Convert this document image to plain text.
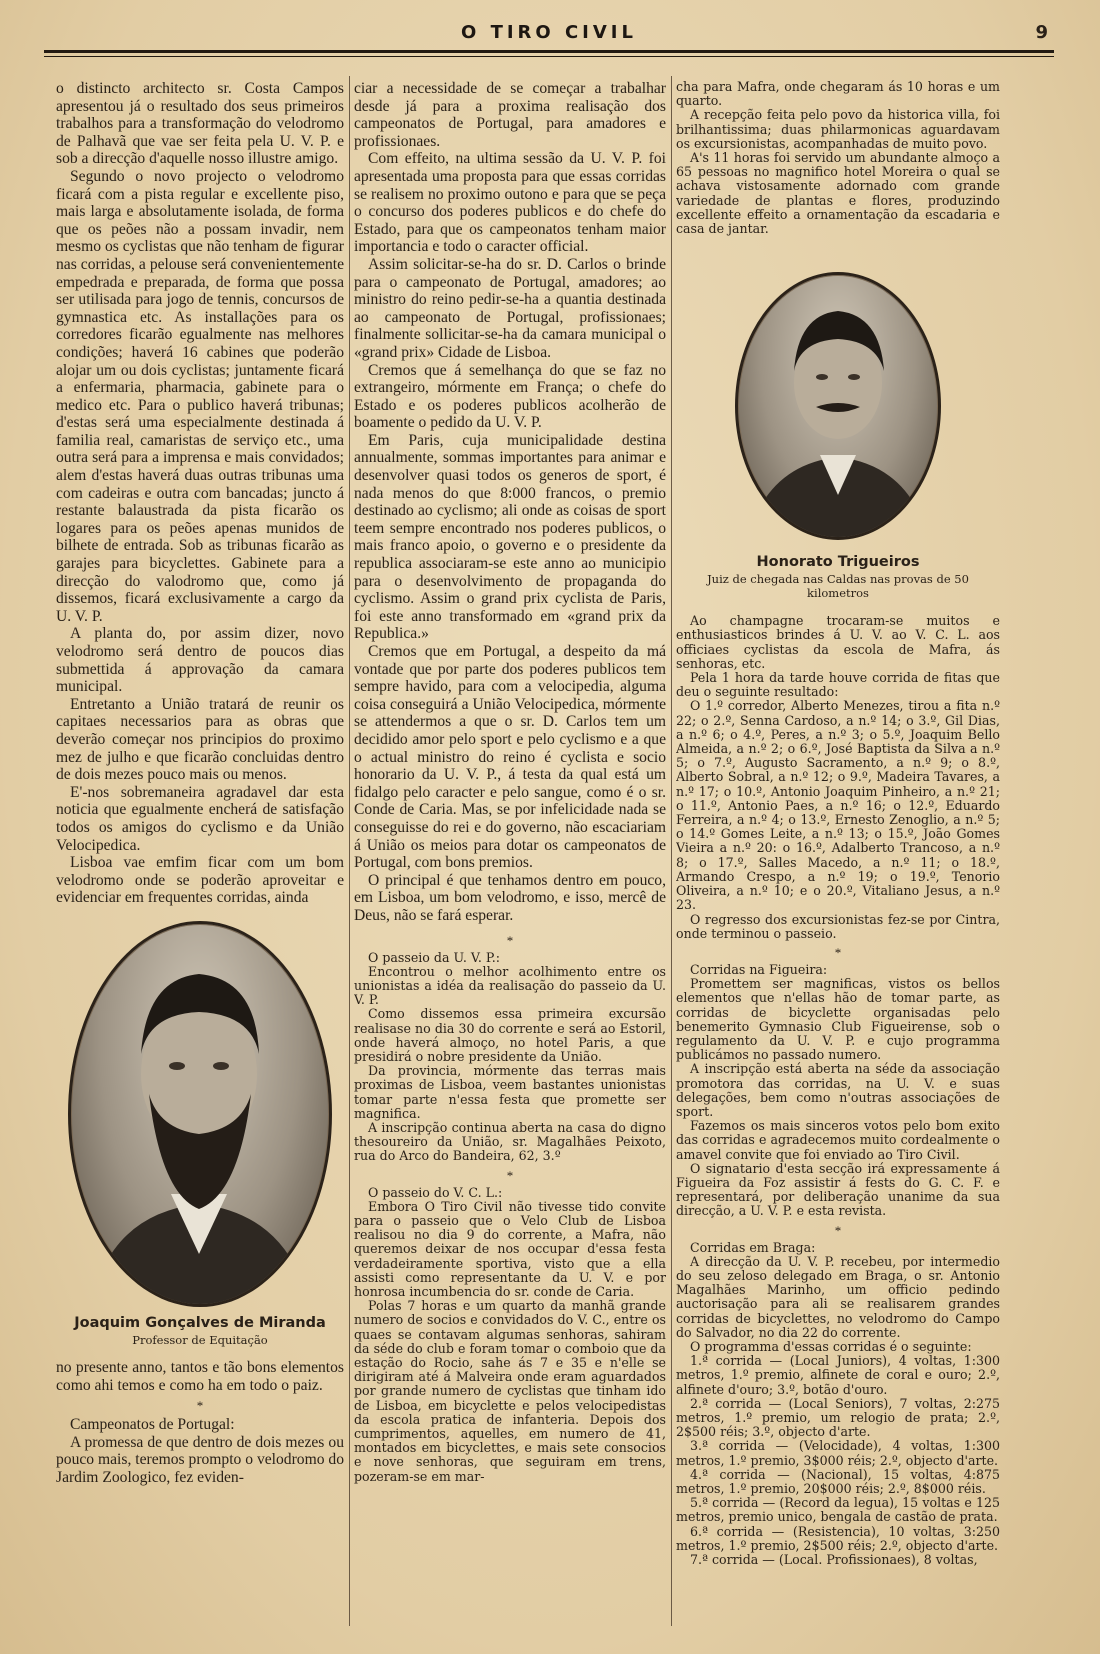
O TIRO CIVIL	9

o distincto architecto sr. Costa Campos apresentou já o resultado dos seus primeiros trabalhos para a transformação do velodromo de Palhavã que vae ser feita pela U. V. P. e sob a direcção d'aquelle nosso illustre amigo.

Segundo o novo projecto o velodromo ficará com a pista regular e excellente piso, mais larga e absolutamente isolada, de forma que os peões não a possam invadir, nem mesmo os cyclistas que não tenham de figurar nas corridas, a pelouse será convenientemente empedrada e preparada, de forma que possa ser utilisada para jogo de tennis, concursos de gymnastica etc. As installações para os corredores ficarão egualmente nas melhores condições; haverá 16 cabines que poderão alojar um ou dois cyclistas; juntamente ficará a enfermaria, pharmacia, gabinete para o medico etc. Para o publico haverá tribunas; d'estas será uma especialmente destinada á familia real, camaristas de serviço etc., uma outra será para a imprensa e mais convidados; alem d'estas haverá duas outras tribunas uma com cadeiras e outra com bancadas; juncto á restante balaustrada da pista ficarão os logares para os peões apenas munidos de bilhete de entrada. Sob as tribunas ficarão as garajes para bicyclettes. Gabinete para a direcção do valodromo que, como já dissemos, ficará exclusivamente a cargo da U. V. P.

A planta do, por assim dizer, novo velodromo será dentro de poucos dias submettida á approvação da camara municipal.

Entretanto a União tratará de reunir os capitaes necessarios para as obras que deverão começar nos principios do proximo mez de julho e que ficarão concluidas dentro de dois mezes pouco mais ou menos.

E'-nos sobremaneira agradavel dar esta noticia que egualmente encherá de satisfação todos os amigos do cyclismo e da União Velocipedica.

Lisboa vae emfim ficar com um bom velodromo onde se poderão aproveitar e evidenciar em frequentes corridas, ainda

Joaquim Gonçalves de Miranda
Professor de Equitação

no presente anno, tantos e tão bons elementos como ahi temos e como ha em todo o paiz.

*

Campeonatos de Portugal:

A promessa de que dentro de dois mezes ou pouco mais, teremos prompto o velodromo do Jardim Zoologico, fez eviden-

ciar a necessidade de se começar a trabalhar desde já para a proxima realisação dos campeonatos de Portugal, para amadores e profissionaes.

Com effeito, na ultima sessão da U. V. P. foi apresentada uma proposta para que essas corridas se realisem no proximo outono e para que se peça o concurso dos poderes publicos e do chefe do Estado, para que os campeonatos tenham maior importancia e todo o caracter official.

Assim solicitar-se-ha do sr. D. Carlos o brinde para o campeonato de Portugal, amadores; ao ministro do reino pedir-se-ha a quantia destinada ao campeonato de Portugal, profissionaes; finalmente sollicitar-se-ha da camara municipal o «grand prix» Cidade de Lisboa.

Cremos que á semelhança do que se faz no extrangeiro, mórmente em França; o chefe do Estado e os poderes publicos acolherão de boamente o pedido da U. V. P.

Em Paris, cuja municipalidade destina annualmente, sommas importantes para animar e desenvolver quasi todos os generos de sport, é nada menos do que 8:000 francos, o premio destinado ao cyclismo; ali onde as coisas de sport teem sempre encontrado nos poderes publicos, o mais franco apoio, o governo e o presidente da republica associaram-se este anno ao municipio para o desenvolvimento de propaganda do cyclismo. Assim o grand prix cyclista de Paris, foi este anno transformado em «grand prix da Republica.»

Cremos que em Portugal, a despeito da má vontade que por parte dos poderes publicos tem sempre havido, para com a velocipedia, alguma coisa conseguirá a União Velocipedica, mórmente se attendermos a que o sr. D. Carlos tem um decidido amor pelo sport e pelo cyclismo e a que o actual ministro do reino é cyclista e socio honorario da U. V. P., á testa da qual está um fidalgo pelo caracter e pelo sangue, como é o sr. Conde de Caria. Mas, se por infelicidade nada se conseguisse do rei e do governo, não escaciariam á União os meios para dotar os campeonatos de Portugal, com bons premios.

O principal é que tenhamos dentro em pouco, em Lisboa, um bom velodromo, e isso, mercê de Deus, não se fará esperar.

*

O passeio da U. V. P.:

Encontrou o melhor acolhimento entre os unionistas a idéa da realisação do passeio da U. V. P.

Como dissemos essa primeira excursão realisase no dia 30 do corrente e será ao Estoril, onde haverá almoço, no hotel Paris, a que presidirá o nobre presidente da União.

Da provincia, mórmente das terras mais proximas de Lisboa, veem bastantes unionistas tomar parte n'essa festa que promette ser magnifica.

A inscripção continua aberta na casa do digno thesoureiro da União, sr. Magalhães Peixoto, rua do Arco do Bandeira, 62, 3.º

*

O passeio do V. C. L.:

Embora O Tiro Civil não tivesse tido convite para o passeio que o Velo Club de Lisboa realisou no dia 9 do corrente, a Mafra, não queremos deixar de nos occupar d'essa festa verdadeiramente sportiva, visto que a ella assisti como representante da U. V. e por honrosa incumbencia do sr. conde de Caria.

Polas 7 horas e um quarto da manhã grande numero de socios e convidados do V. C., entre os quaes se contavam algumas senhoras, sahiram da séde do club e foram tomar o comboio que da estação do Rocio, sahe ás 7 e 35 e n'elle se dirigiram até á Malveira onde eram aguardados por grande numero de cyclistas que tinham ido de Lisboa, em bicyclette e pelos velocipedistas da escola pratica de infanteria. Depois dos cumprimentos, aquelles, em numero de 41, montados em bicyclettes, e mais sete consocios e nove senhoras, que seguiram em trens, pozeram-se em mar-

cha para Mafra, onde chegaram ás 10 horas e um quarto.

A recepção feita pelo povo da historica villa, foi brilhantissima; duas philarmonicas aguardavam os excursionistas, acompanhadas de muito povo.

A's 11 horas foi servido um abundante almoço a 65 pessoas no magnifico hotel Moreira o qual se achava vistosamente adornado com grande variedade de plantas e flores, produzindo excellente effeito a ornamentação da escadaria e casa de jantar.

Honorato Trigueiros
Juiz de chegada nas Caldas nas provas de 50 kilometros

Ao champagne trocaram-se muitos e enthusiasticos brindes á U. V. ao V. C. L. aos officiaes cyclistas da escola de Mafra, ás senhoras, etc.

Pela 1 hora da tarde houve corrida de fitas que deu o seguinte resultado:

O 1.º corredor, Alberto Menezes, tirou a fita n.º 22; o 2.º, Senna Cardoso, a n.º 14; o 3.º, Gil Dias, a n.º 6; o 4.º, Peres, a n.º 3; o 5.º, Joaquim Bello Almeida, a n.º 2; o 6.º, José Baptista da Silva a n.º 5; o 7.º, Augusto Sacramento, a n.º 9; o 8.º, Alberto Sobral, a n.º 12; o 9.º, Madeira Tavares, a n.º 17; o 10.º, Antonio Joaquim Pinheiro, a n.º 21; o 11.º, Antonio Paes, a n.º 16; o 12.º, Eduardo Ferreira, a n.º 4; o 13.º, Ernesto Zenoglio, a n.º 5; o 14.º Gomes Leite, a n.º 13; o 15.º, João Gomes Vieira a n.º 20: o 16.º, Adalberto Trancoso, a n.º 8; o 17.º, Salles Macedo, a n.º 11; o 18.º, Armando Crespo, a n.º 19; o 19.º, Tenorio Oliveira, a n.º 10; e o 20.º, Vitaliano Jesus, a n.º 23.

O regresso dos excursionistas fez-se por Cintra, onde terminou o passeio.

*

Corridas na Figueira:

Promettem ser magnificas, vistos os bellos elementos que n'ellas hão de tomar parte, as corridas de bicyclette organisadas pelo benemerito Gymnasio Club Figueirense, sob o regulamento da U. V. P. e cujo programma publicámos no passado numero.

A inscripção está aberta na séde da associação promotora das corridas, na U. V. e suas delegações, bem como n'outras associações de sport.

Fazemos os mais sinceros votos pelo bom exito das corridas e agradecemos muito cordealmente o amavel convite que foi enviado ao Tiro Civil.

O signatario d'esta secção irá expressamente á Figueira da Foz assistir á fests do G. C. F. e representará, por deliberação unanime da sua direcção, a U. V. P. e esta revista.

*

Corridas em Braga:

A direcção da U. V. P. recebeu, por intermedio do seu zeloso delegado em Braga, o sr. Antonio Magalhães Marinho, um officio pedindo auctorisação para ali se realisarem grandes corridas de bicyclettes, no velodromo do Campo do Salvador, no dia 22 do corrente.

O programma d'essas corridas é o seguinte:

1.ª corrida — (Local Juniors), 4 voltas, 1:300 metros, 1.º premio, alfinete de coral e ouro; 2.º, alfinete d'ouro; 3.º, botão d'ouro.

2.ª corrida — (Local Seniors), 7 voltas, 2:275 metros, 1.º premio, um relogio de prata; 2.º, 2$500 réis; 3.º, objecto d'arte.

3.ª corrida — (Velocidade), 4 voltas, 1:300 metros, 1.º premio, 3$000 réis; 2.º, objecto d'arte.

4.ª corrida — (Nacional), 15 voltas, 4:875 metros, 1.º premio, 20$000 réis; 2.º, 8$000 réis.

5.ª corrida — (Record da legua), 15 voltas e 125 metros, premio unico, bengala de castão de prata.

6.ª corrida — (Resistencia), 10 voltas, 3:250 metros, 1.º premio, 2$500 réis; 2.º, objecto d'arte.

7.ª corrida — (Local. Profissionaes), 8 voltas,
